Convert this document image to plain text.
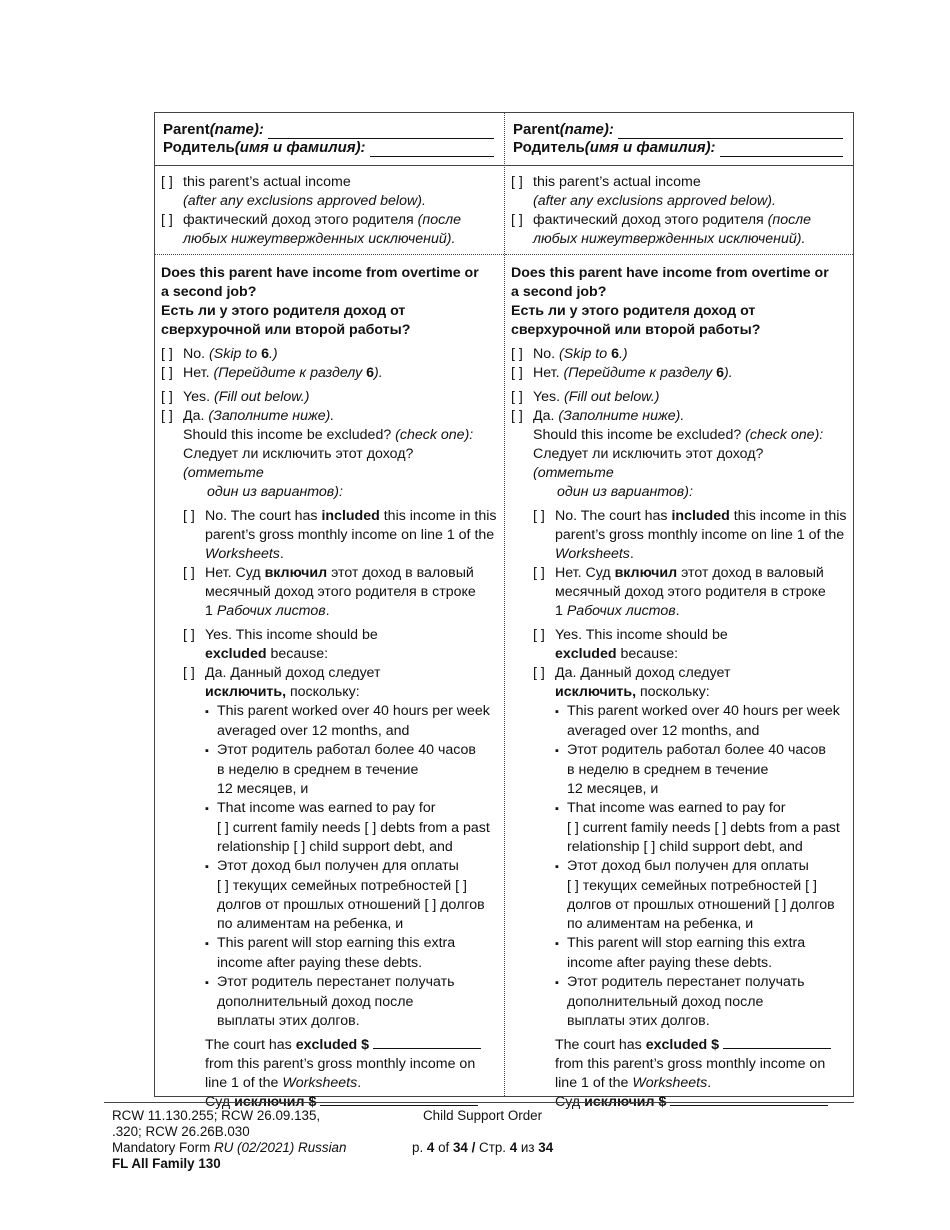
Parent (name):
Родитель (имя и фамилия):
[ ] this parent’s actual income
(after any exclusions approved below).
[ ] фактический доход этого родителя (после
любых нижеутвержденных исключений).
Does this parent have income from overtime or
a second job?
Есть ли у этого родителя доход от
сверхурочной или второй работы?
[ ] No. (Skip to 6.)
[ ] Нет. (Перейдите к разделу 6).
[ ] Yes. (Fill out below.)
[ ] Да. (Заполните ниже).
Should this income be excluded? (check one):
Следует ли исключить этот доход? (отметьте
один из вариантов):
[ ] No. The court has included this income in this
parent’s gross monthly income on line 1 of the
Worksheets.
[ ] Нет. Суд включил этот доход в валовый
месячный доход этого родителя в строке
1 Рабочих листов.
[ ] Yes. This income should be
excluded because:
[ ] Да. Данный доход следует
исключить, поскольку:
▪ This parent worked over 40 hours per week
averaged over 12 months, and
▪ Этот родитель работал более 40 часов
в неделю в среднем в течение
12 месяцев, и
▪ That income was earned to pay for
[ ] current family needs [ ] debts from a past
relationship [ ] child support debt, and
▪ Этот доход был получен для оплаты
[ ] текущих семейных потребностей [ ]
долгов от прошлых отношений [ ] долгов
по алиментам на ребенка, и
▪ This parent will stop earning this extra
income after paying these debts.
▪ Этот родитель перестанет получать
дополнительный доход после
выплаты этих долгов.
The court has excluded $
from this parent’s gross monthly income on
line 1 of the Worksheets.
Суд исключил $
Parent (name):
Родитель (имя и фамилия):
[ ] this parent’s actual income
(after any exclusions approved below).
[ ] фактический доход этого родителя (после
любых нижеутвержденных исключений).
Does this parent have income from overtime or
a second job?
Есть ли у этого родителя доход от
сверхурочной или второй работы?
[ ] No. (Skip to 6.)
[ ] Нет. (Перейдите к разделу 6).
[ ] Yes. (Fill out below.)
[ ] Да. (Заполните ниже).
Should this income be excluded? (check one):
Следует ли исключить этот доход? (отметьте
один из вариантов):
[ ] No. The court has included this income in this
parent’s gross monthly income on line 1 of the
Worksheets.
[ ] Нет. Суд включил этот доход в валовый
месячный доход этого родителя в строке
1 Рабочих листов.
[ ] Yes. This income should be
excluded because:
[ ] Да. Данный доход следует
исключить, поскольку:
▪ This parent worked over 40 hours per week
averaged over 12 months, and
▪ Этот родитель работал более 40 часов
в неделю в среднем в течение
12 месяцев, и
▪ That income was earned to pay for
[ ] current family needs [ ] debts from a past
relationship [ ] child support debt, and
▪ Этот доход был получен для оплаты
[ ] текущих семейных потребностей [ ]
долгов от прошлых отношений [ ] долгов
по алиментам на ребенка, и
▪ This parent will stop earning this extra
income after paying these debts.
▪ Этот родитель перестанет получать
дополнительный доход после
выплаты этих долгов.
The court has excluded $
from this parent’s gross monthly income on
line 1 of the Worksheets.
Суд исключил $
RCW 11.130.255; RCW 26.09.135,
.320; RCW 26.26B.030
Mandatory Form RU (02/2021) Russian
FL All Family 130
Child Support Order
p. 4 of 34 / Стр. 4 из 34
